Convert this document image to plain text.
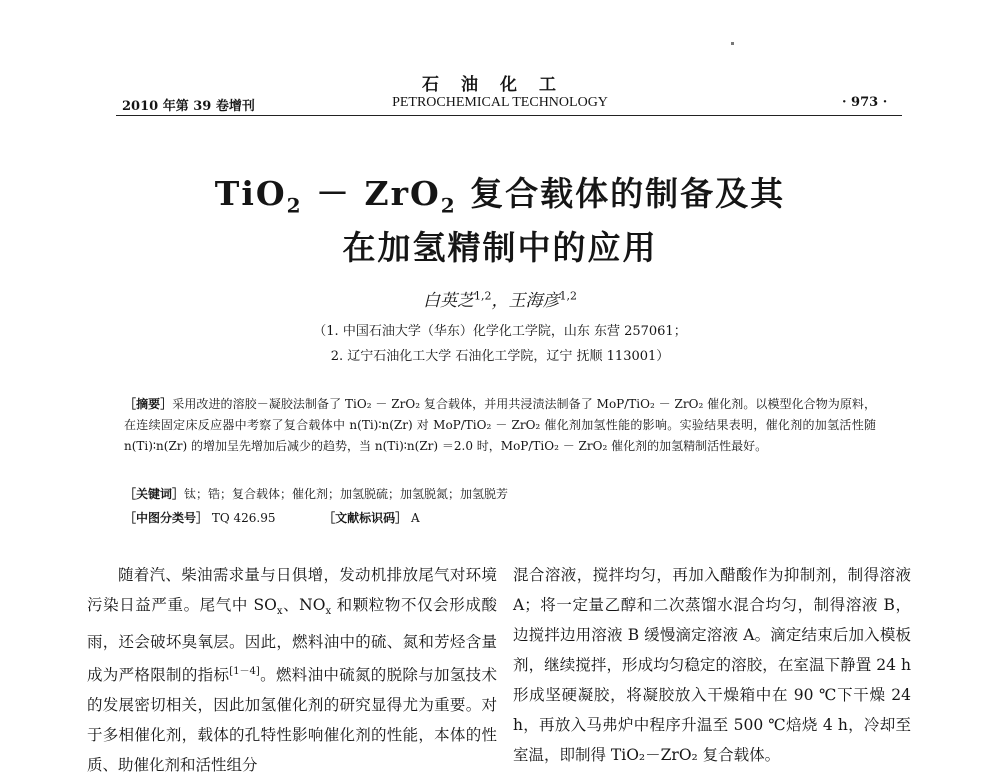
石油化工
2010 年第 39 卷增刊	PETROCHEMICAL TECHNOLOGY	· 973 ·
TiO$_2$ － ZrO$_2$ 复合载体的制备及其
在加氢精制中的应用
白英芝$^{1,2}$，王海彦$^{1,2}$
（1. 中国石油大学（华东）化学化工学院，山东 东营 257061；
2. 辽宁石油化工大学 石油化工学院，辽宁 抚顺 113001）
［摘要］采用改进的溶胶－凝胶法制备了 TiO₂ － ZrO₂ 复合载体，并用共浸渍法制备了 MoP/TiO₂ － ZrO₂ 催化剂。以模型化合物为原料，在连续固定床反应器中考察了复合载体中 n(Ti)∶n(Zr) 对 MoP/TiO₂ － ZrO₂ 催化剂加氢性能的影响。实验结果表明，催化剂的加氢活性随 n(Ti)∶n(Zr) 的增加呈先增加后减少的趋势，当 n(Ti)∶n(Zr) ＝2.0 时，MoP/TiO₂ － ZrO₂ 催化剂的加氢精制活性最好。
［关键词］钛；锆；复合载体；催化剂；加氢脱硫；加氢脱氮；加氢脱芳
［中图分类号］ TQ 426.95	［文献标识码］ A
随着汽、柴油需求量与日俱增，发动机排放尾气对环境污染日益严重。尾气中 $SO_x$、$NO_x$ 和颗粒物不仅会形成酸雨，还会破坏臭氧层。因此，燃料油中的硫、氮和芳烃含量成为严格限制的指标[1－4]。燃料油中硫氮的脱除与加氢技术的发展密切相关，因此加氢催化剂的研究显得尤为重要。对于多相催化剂，载体的孔特性影响催化剂的性能，本体的性质、助催化剂和活性组分
混合溶液，搅拌均匀，再加入醋酸作为抑制剂，制得溶液 A；将一定量乙醇和二次蒸馏水混合均匀，制得溶液 B，边搅拌边用溶液 B 缓慢滴定溶液 A。滴定结束后加入模板剂，继续搅拌，形成均匀稳定的溶胶，在室温下静置 24 h 形成坚硬凝胶，将凝胶放入干燥箱中在 90 ℃下干燥 24 h，再放入马弗炉中程序升温至 500 ℃焙烧 4 h，冷却至室温，即制得 TiO₂－ZrO₂ 复合载体。
